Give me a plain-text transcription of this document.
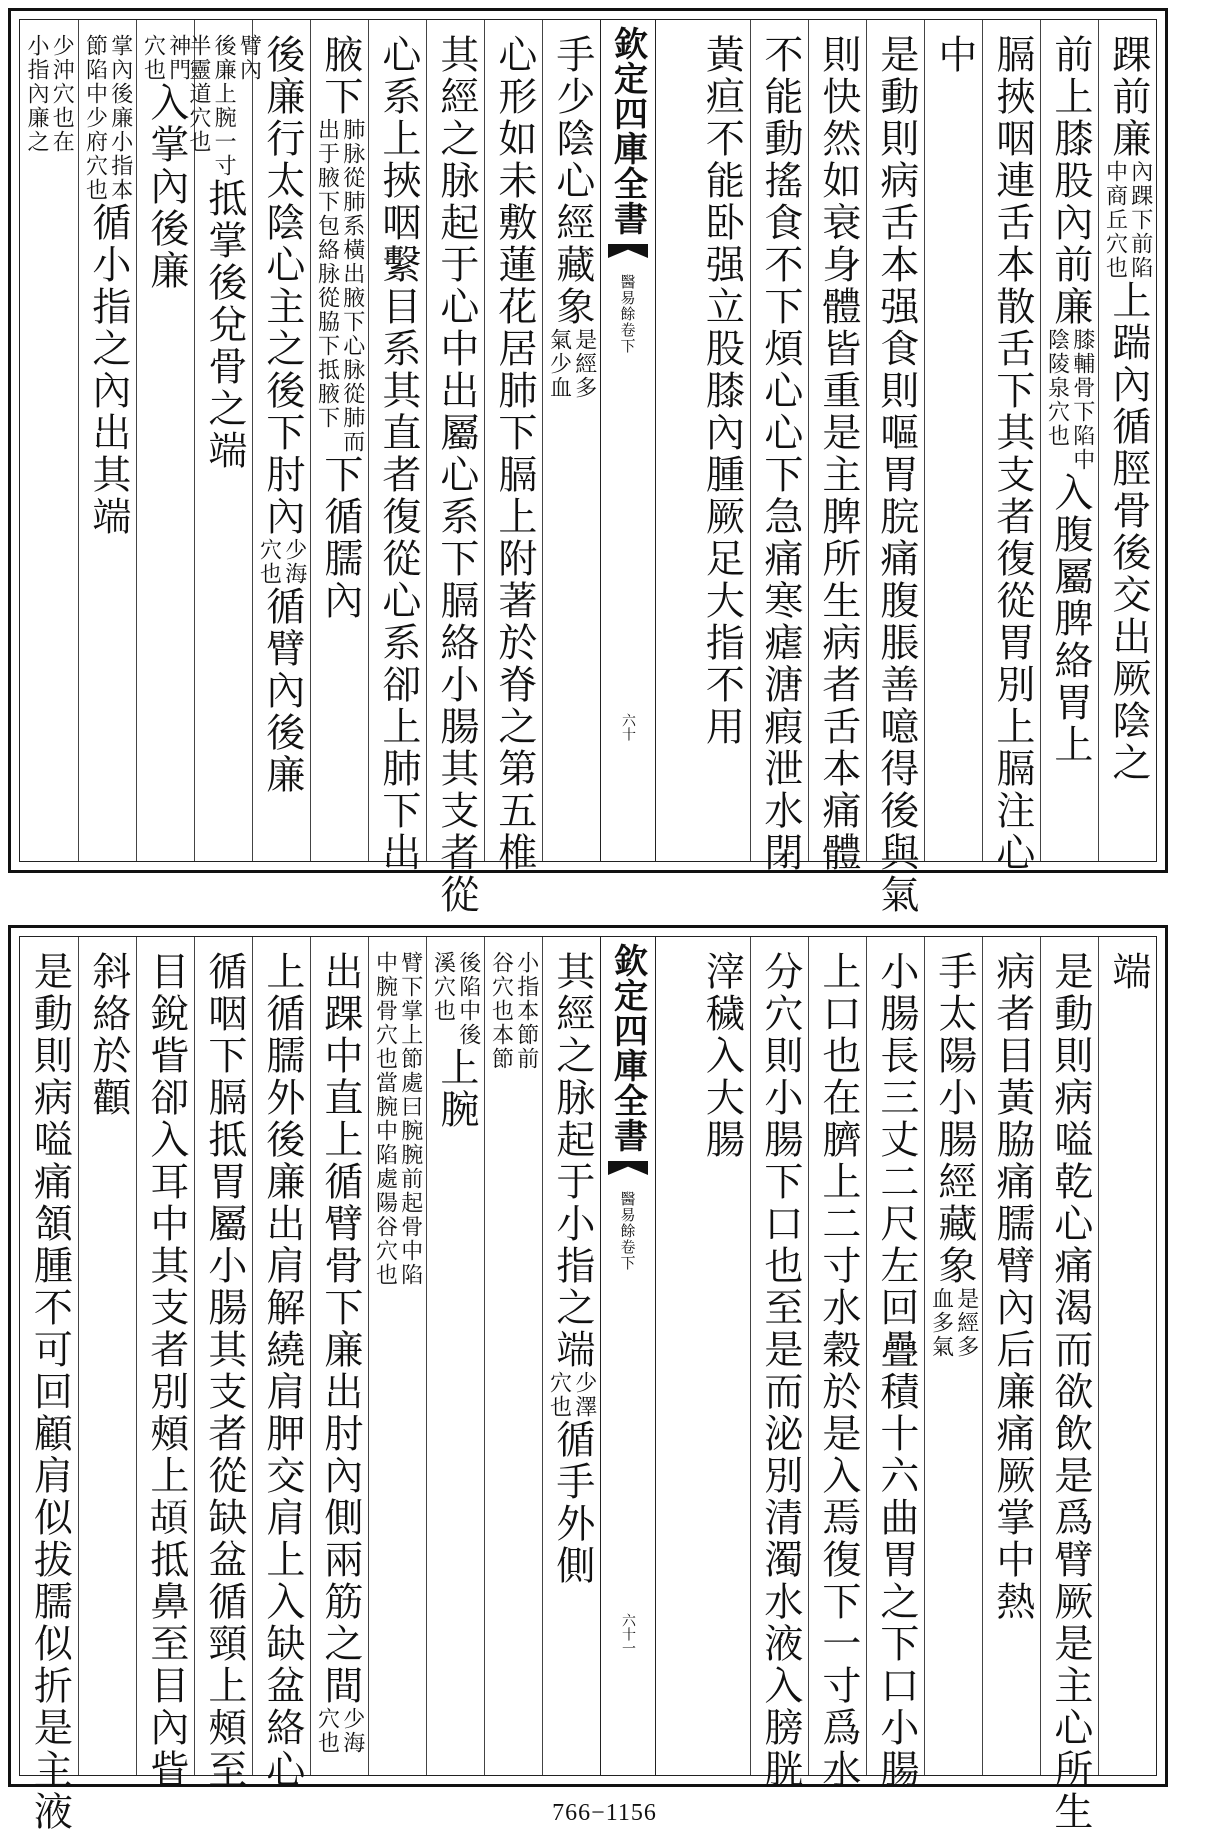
踝前廉
內踝下前陷
中商丘穴也
上踹內循脛骨後交出厥陰之
前上膝股內前廉
膝輔骨下陷中
陰陵泉穴也
入腹屬脾絡胃上
膈挾咽連舌本散舌下其支者復從胃別上膈注心
中
是動則病舌本强食則嘔胃脘痛腹脹善噫得後與氣
則快然如衰身體皆重是主脾所生病者舌本痛體
不能動搖食不下煩心心下急痛寒瘧溏瘕泄水閉
黃疸不能卧强立股膝內腫厥足大指不用
欽定四庫全書
醫易餘
卷下
六十
手少陰心經藏象
是經多
氣少血
心形如未敷蓮花居肺下膈上附著於脊之第五椎
其經之脉起于心中出屬心系下膈絡小腸其支者從
心系上挾咽繫目系其直者復從心系卻上肺下出
腋下
肺脉從肺系橫出腋下心脉從肺而
出于腋下包絡脉從脇下抵腋下
下循臑內
後廉行太陰心主之後下肘內
少海
穴也
循臂內後廉
臂內
後廉上腕一寸
半靈道穴也
抵掌後兌骨之端
神門
穴也
入掌內後廉
掌內後廉小指本
節陷中少府穴也
循小指之內出其端
少沖穴也在
小指內廉之
端
是動則病嗌乾心痛渴而欲飲是爲臂厥是主心所生
病者目黃脇痛臑臂內后廉痛厥掌中熱
手太陽小腸經藏象
是經多
血多氣
小腸長三丈二尺左回疊積十六曲胃之下口小腸
上口也在臍上二寸水穀於是入焉復下一寸爲水
分穴則小腸下口也至是而泌別清濁水液入膀胱
滓穢入大腸
欽定四庫全書
醫易餘
卷下
六十一
其經之脉起于小指之端
少澤
穴也
循手外側
小指本節前
谷穴也本節
後陷中後
溪穴也
上腕
臂下掌上節處曰腕腕前起骨中陷
中腕骨穴也當腕中陷處陽谷穴也
出踝中直上循臂骨下廉出肘內側兩筋之間
少海
穴也
上循臑外後廉出肩解繞肩胛交肩上入缺盆絡心
循咽下膈抵胃屬小腸其支者從缺盆循頸上頰至
目銳眥卻入耳中其支者別頰上𩑶抵鼻至目內眥
斜絡於顴
是動則病嗌痛頷腫不可回顧肩似拔臑似折是主液	766−1156
